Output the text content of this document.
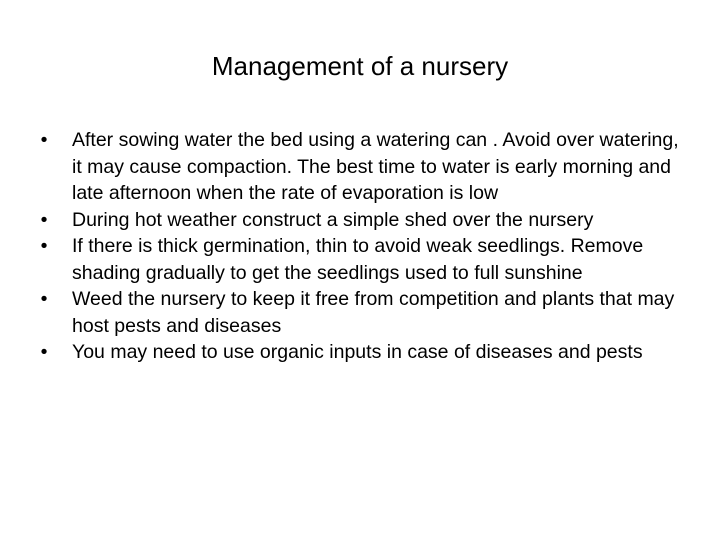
Management of a nursery
•	After sowing water the bed using a watering can . Avoid over watering, it may cause compaction. The best time to water is early morning and late afternoon when the rate of evaporation is low
•	During hot weather construct a simple shed over the nursery
•	If there is thick germination, thin to avoid weak seedlings. Remove shading gradually to get the seedlings used to full sunshine
•	Weed the nursery to keep it free from competition and plants that may host pests and diseases
•	You may need to use organic inputs in case of diseases and pests
